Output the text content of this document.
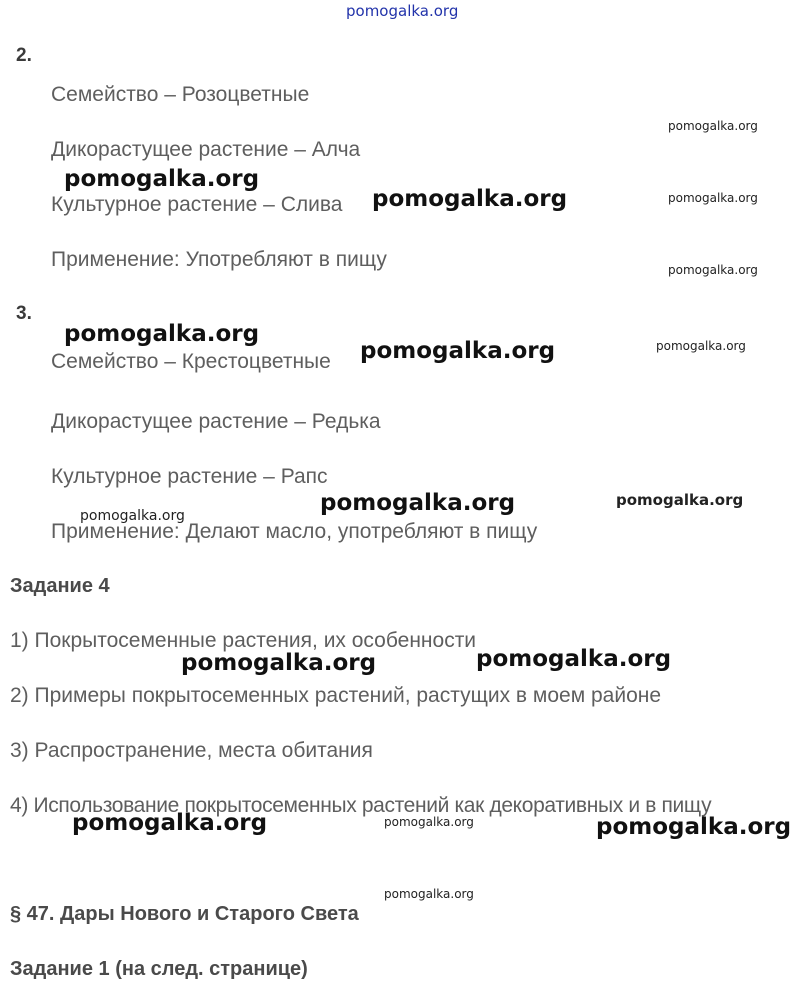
pomogalka.org
2.
Семейство – Розоцветные
Дикорастущее растение – Алча
Культурное растение – Слива
Применение: Употребляют в пищу
3.
Семейство – Крестоцветные
Дикорастущее растение – Редька
Культурное растение – Рапс
Применение: Делают масло, употребляют в пищу
Задание 4
1) Покрытосеменные растения, их особенности
2) Примеры покрытосеменных растений, растущих в моем районе
3) Распространение, места обитания
4) Использование покрытосеменных растений как декоративных и в пищу
§ 47. Дары Нового и Старого Света
Задание 1 (на след. странице)
pomogalka.org
pomogalka.org
pomogalka.org
pomogalka.org
pomogalka.org
pomogalka.org	pomogalka.org
pomogalka.org	pomogalka.org
pomogalka.org
pomogalka.org
pomogalka.org
pomogalka.org
pomogalka.org
pomogalka.org
pomogalka.org
pomogalka.org
